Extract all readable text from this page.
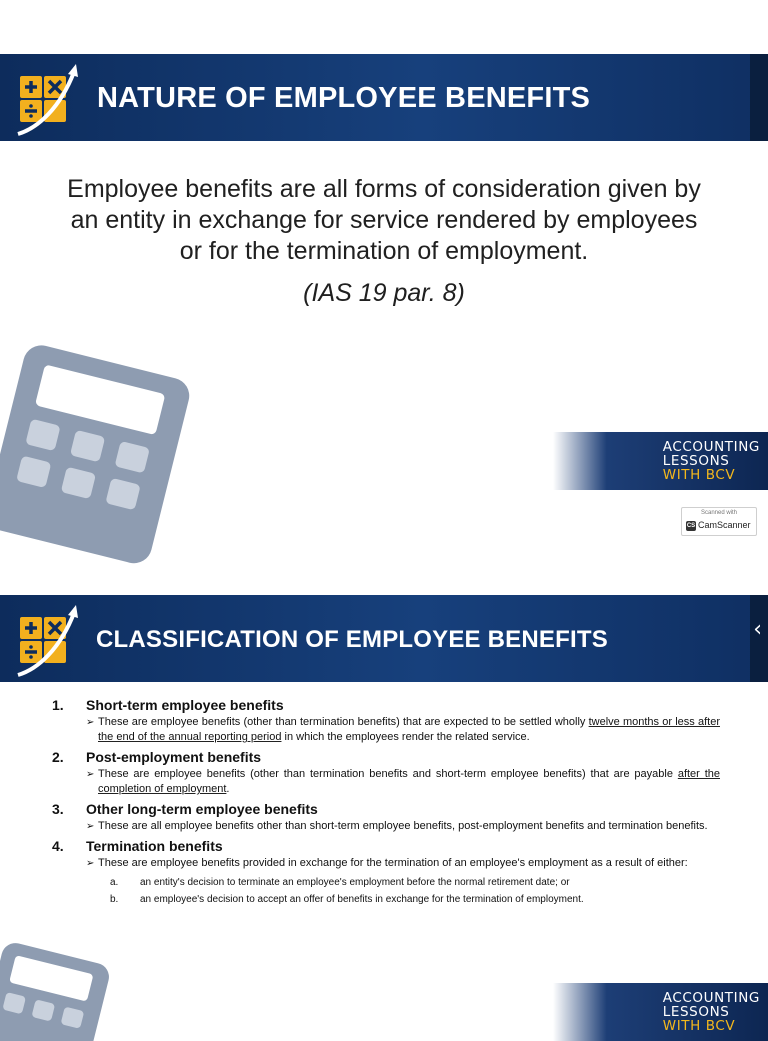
NATURE OF EMPLOYEE BENEFITS
Employee benefits are all forms of consideration given by
an entity in exchange for service rendered by employees
or for the termination of employment.
(IAS 19 par. 8)
ACCOUNTING
LESSONS
WITH BCV
Scanned with
CS CamScanner
CLASSIFICATION OF EMPLOYEE BENEFITS	‹
1.	Short-term employee benefits
➢ These are employee benefits (other than termination benefits) that are expected to be settled wholly twelve months or less after the end of the annual reporting period in which the employees render the related service.
2.	Post-employment benefits
➢ These are employee benefits (other than termination benefits and short-term employee benefits) that are payable after the completion of employment.
3.	Other long-term employee benefits
➢ These are all employee benefits other than short-term employee benefits, post-employment benefits and termination benefits.
4.	Termination benefits
➢ These are employee benefits provided in exchange for the termination of an employee's employment as a result of either:
a.	an entity's decision to terminate an employee's employment before the normal retirement date; or
b.	an employee's decision to accept an offer of benefits in exchange for the termination of employment.
ACCOUNTING
LESSONS
WITH BCV
